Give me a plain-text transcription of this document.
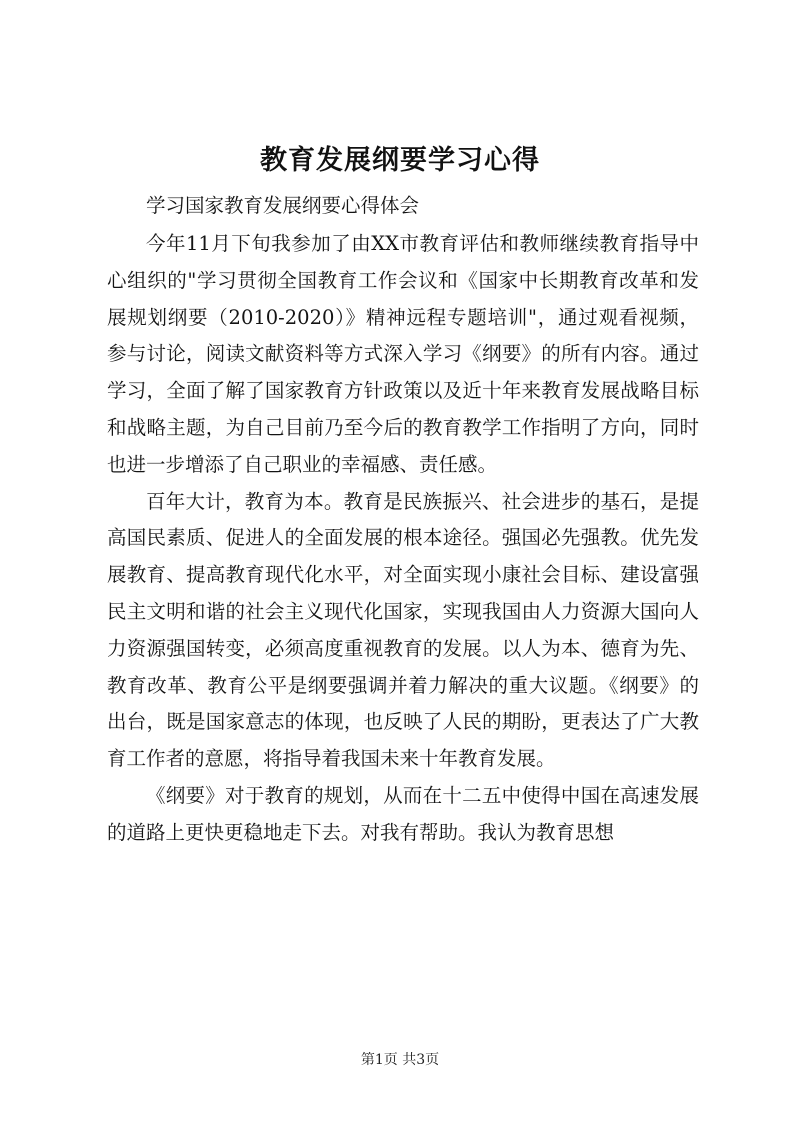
教育发展纲要学习心得

学习国家教育发展纲要心得体会

今年11月下旬我参加了由XX市教育评估和教师继续教育指导中心组织的"学习贯彻全国教育工作会议和《国家中长期教育改革和发展规划纲要（2010-2020）》精神远程专题培训"，通过观看视频，参与讨论，阅读文献资料等方式深入学习《纲要》的所有内容。通过学习，全面了解了国家教育方针政策以及近十年来教育发展战略目标和战略主题，为自己目前乃至今后的教育教学工作指明了方向，同时也进一步增添了自己职业的幸福感、责任感。

百年大计，教育为本。教育是民族振兴、社会进步的基石，是提高国民素质、促进人的全面发展的根本途径。强国必先强教。优先发展教育、提高教育现代化水平，对全面实现小康社会目标、建设富强民主文明和谐的社会主义现代化国家，实现我国由人力资源大国向人力资源强国转变，必须高度重视教育的发展。以人为本、德育为先、教育改革、教育公平是纲要强调并着力解决的重大议题。《纲要》的出台，既是国家意志的体现，也反映了人民的期盼，更表达了广大教育工作者的意愿，将指导着我国未来十年教育发展。

《纲要》对于教育的规划，从而在十二五中使得中国在高速发展的道路上更快更稳地走下去。对我有帮助。我认为教育思想

第1页 共3页
